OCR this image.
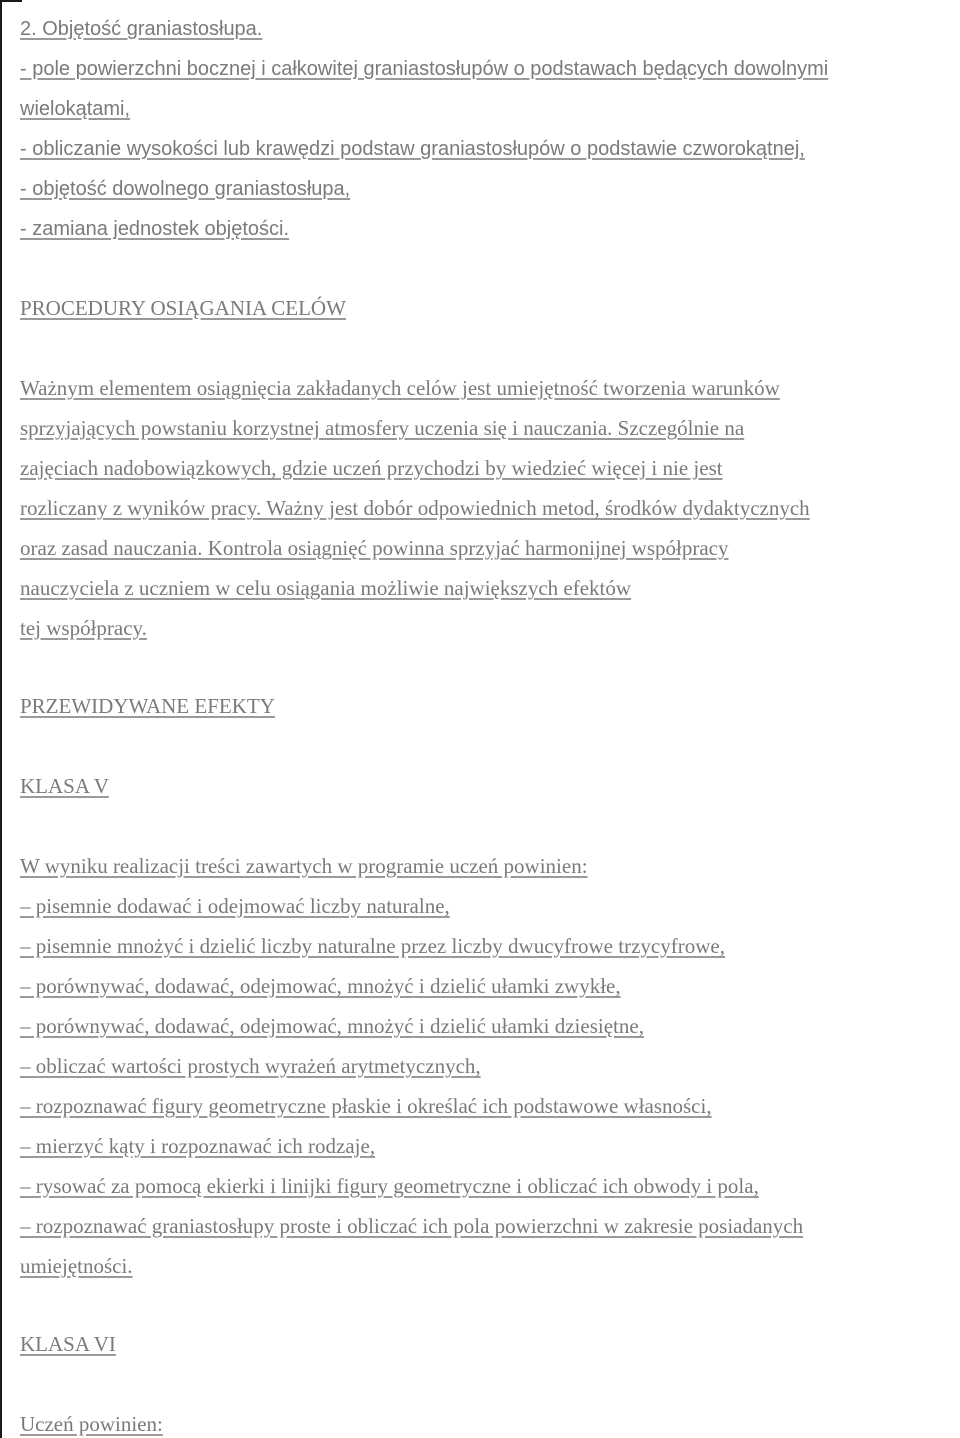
2. Objętość graniastosłupa.
- pole powierzchni bocznej i całkowitej graniastosłupów o podstawach będących dowolnymi
wielokątami,
- obliczanie wysokości lub krawędzi podstaw graniastosłupów o podstawie czworokątnej,
- objętość dowolnego graniastosłupa,
- zamiana jednostek objętości.
PROCEDURY OSIĄGANIA CELÓW
Ważnym elementem osiągnięcia zakładanych celów jest umiejętność tworzenia warunków
sprzyjających powstaniu korzystnej atmosfery uczenia się i nauczania. Szczególnie na
zajęciach nadobowiązkowych, gdzie uczeń przychodzi by wiedzieć więcej i nie jest
rozliczany z wyników pracy. Ważny jest dobór odpowiednich metod, środków dydaktycznych
oraz zasad nauczania. Kontrola osiągnięć powinna sprzyjać harmonijnej współpracy
nauczyciela z uczniem w celu osiągania możliwie największych efektów
tej współpracy.
PRZEWIDYWANE EFEKTY
KLASA V
W wyniku realizacji treści zawartych w programie uczeń powinien:
– pisemnie dodawać i odejmować liczby naturalne,
– pisemnie mnożyć i dzielić liczby naturalne przez liczby dwucyfrowe trzycyfrowe,
– porównywać, dodawać, odejmować, mnożyć i dzielić ułamki zwykłe,
– porównywać, dodawać, odejmować, mnożyć i dzielić ułamki dziesiętne,
– obliczać wartości prostych wyrażeń arytmetycznych,
– rozpoznawać figury geometryczne płaskie i określać ich podstawowe własności,
– mierzyć kąty i rozpoznawać ich rodzaje,
– rysować za pomocą ekierki i linijki figury geometryczne i obliczać ich obwody i pola,
– rozpoznawać graniastosłupy proste i obliczać ich pola powierzchni w zakresie posiadanych
umiejętności.
KLASA VI
Uczeń powinien:
